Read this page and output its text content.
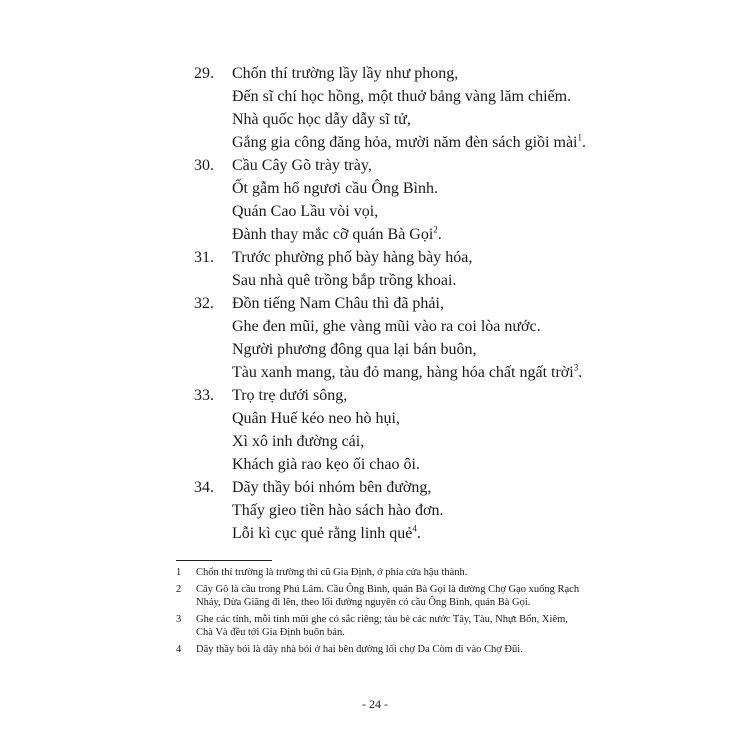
29.	Chốn thí trường lầy lầy như phong,
Đến sĩ chí học hồng, một thuở bảng vàng lăm chiếm.
Nhà quốc học dẫy dẫy sĩ tử,
Gắng gia công đăng hỏa, mười năm đèn sách giồi mài$^1$.
30.	Cầu Cây Gõ trày trày,
Ốt gẫm hổ ngươi cầu Ông Bình.
Quán Cao Lầu vòi vọi,
Đành thay mắc cỡ quán Bà Gọi$^2$.
31.	Trước phường phố bày hàng bày hóa,
Sau nhà quê trồng bắp trồng khoai.
32.	Đồn tiếng Nam Châu thì đã phải,
Ghe đen mũi, ghe vàng mũi vào ra coi lòa nước.
Người phương đông qua lại bán buôn,
Tàu xanh mang, tàu đỏ mang, hàng hóa chất ngất trời$^3$.
33.	Trọ trẹ dưới sông,
Quân Huế kéo neo hò hụi,
Xì xô inh đường cái,
Khách già rao kẹo ối chao ôi.
34.	Dãy thầy bói nhóm bên đường,
Thấy gieo tiền hào sách hào đơn.
Lỗi kì cục quẻ rằng linh quẻ$^4$.
1	Chốn thí trường là trường thi cũ Gia Định, ở phía cửa hậu thành.
2	Cây Gõ là cầu trong Phú Lâm. Cầu Ông Bình, quán Bà Gọi là đường Chợ Gạo xuống Rạch Nhảy, Dừa Giăng đi lên, theo lối đường nguyên có cầu Ông Bình, quán Bà Gọi.
3	Ghe các tỉnh, mỗi tỉnh mũi ghe có sắc riêng; tàu bè các nước Tây, Tàu, Nhựt Bổn, Xiêm, Chà Và đều tới Gia Định buôn bán.
4	Dãy thầy bói là dãy nhà bói ở hai bên đường lối chợ Da Còm đi vào Chợ Đũi.
- 24 -
